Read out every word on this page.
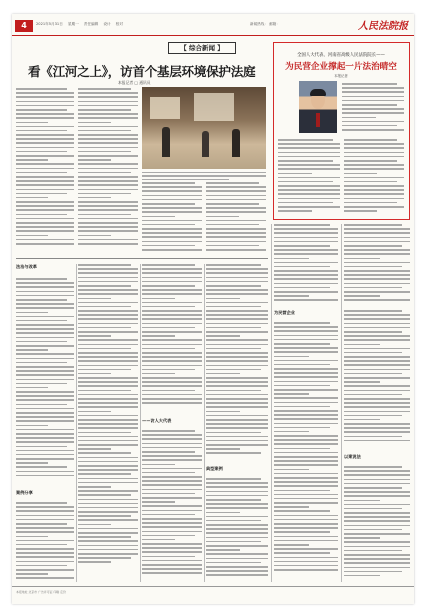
4	2021年5月31日 星期一 责任编辑 设计 校对	新闻热线： 邮箱：	人民法院报
【 综合新闻 】
看《江河之上》，访首个基层环境保护法庭
本报记者 □ 通讯员
全国人大代表、河南省高级人民法院院长——
为民营企业撑起一片法治晴空
本报记者
法治与改革
案例分享
——访人大代表
典型案例
为民营企业
以案说法
本报地址 北京市 广告许可证 印刷 定价
